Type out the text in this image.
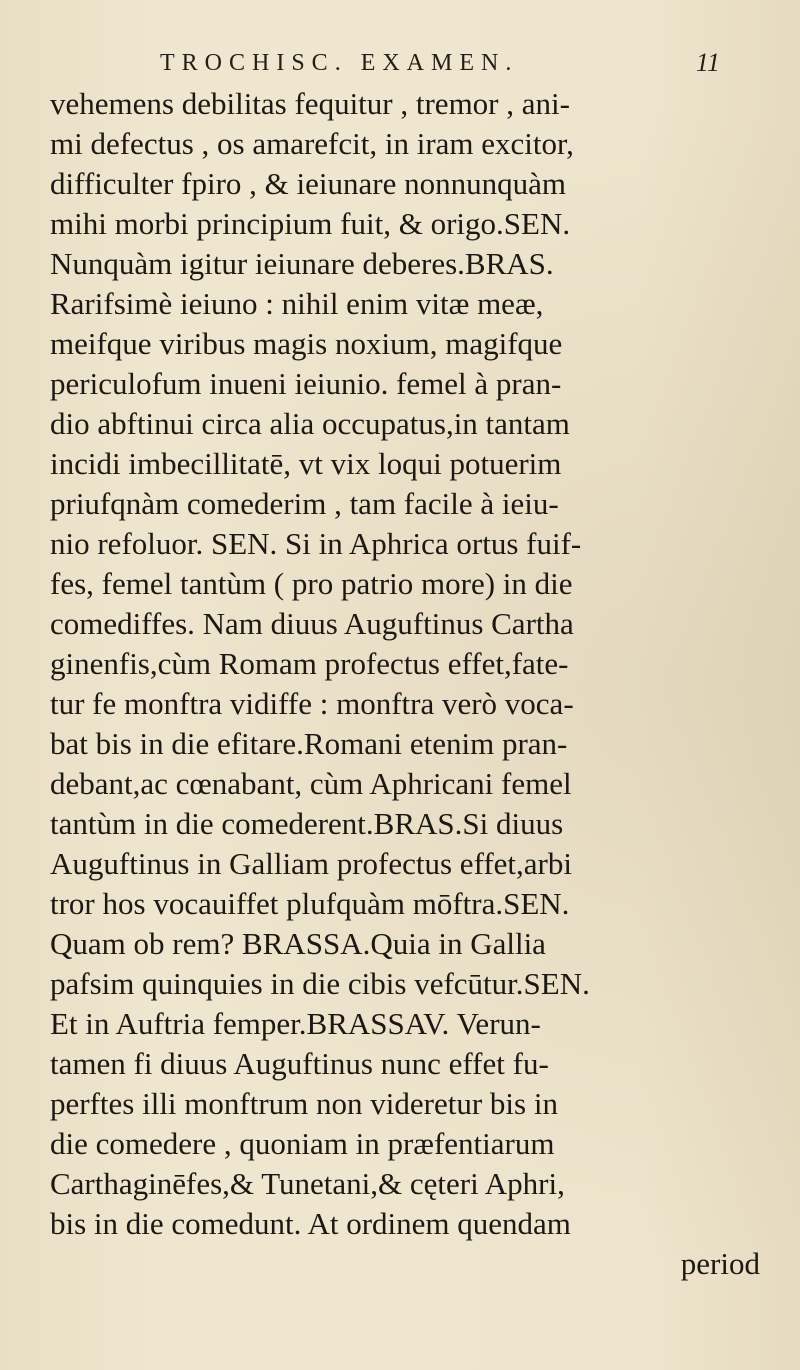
TROCHISC. EXAMEN.	11
vehemens debilitas fequitur , tremor , ani-
mi defectus , os amarefcit, in iram excitor,
difficulter fpiro , & ieiunare nonnunquàm
mihi morbi principium fuit, & origo.SEN.
Nunquàm igitur ieiunare deberes.BRAS.
Rarifsimè ieiuno : nihil enim vitæ meæ,
meifque viribus magis noxium, magifque
periculofum inueni ieiunio. femel à pran-
dio abftinui circa alia occupatus,in tantam
incidi imbecillitatē, vt vix loqui potuerim
priufqnàm comederim , tam facile à ieiu-
nio refoluor. SEN. Si in Aphrica ortus fuif-
fes, femel tantùm ( pro patrio more) in die
comediffes. Nam diuus Auguftinus Cartha
ginenfis,cùm Romam profectus effet,fate-
tur fe monftra vidiffe : monftra verò voca-
bat bis in die efitare.Romani etenim pran-
debant,ac cœnabant, cùm Aphricani femel
tantùm in die comederent.BRAS.Si diuus
Auguftinus in Galliam profectus effet,arbi
tror hos vocauiffet plufquàm mōftra.SEN.
Quam ob rem? BRASSA.Quia in Gallia
pafsim quinquies in die cibis vefcūtur.SEN.
Et in Auftria femper.BRASSAV. Verun-
tamen fi diuus Auguftinus nunc effet fu-
perftes illi monftrum non videretur bis in
die comedere , quoniam in præfentiarum
Carthaginēfes,& Tunetani,& cęteri Aphri,
bis in die comedunt. At ordinem quendam
period
